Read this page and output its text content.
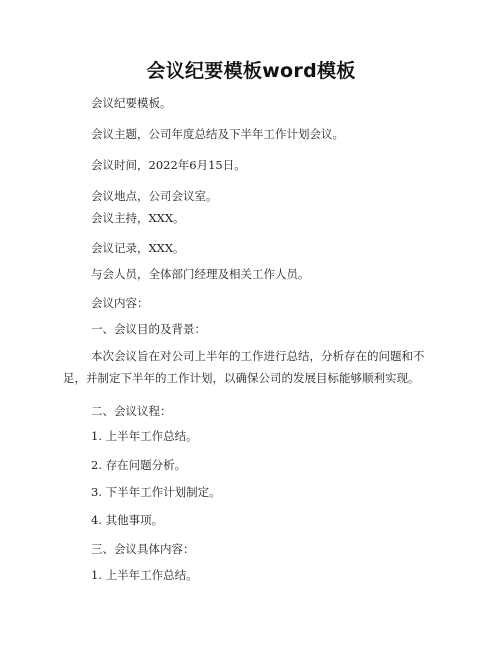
会议纪要模板word模板

会议纪要模板。

会议主题，公司年度总结及下半年工作计划会议。

会议时间，2022年6月15日。

会议地点，公司会议室。

会议主持，XXX。

会议记录，XXX。

与会人员，全体部门经理及相关工作人员。

会议内容：

一、会议目的及背景：

本次会议旨在对公司上半年的工作进行总结，分析存在的问题和不足，并制定下半年的工作计划，以确保公司的发展目标能够顺利实现。

二、会议议程：

1. 上半年工作总结。

2. 存在问题分析。

3. 下半年工作计划制定。

4. 其他事项。

三、会议具体内容：

1. 上半年工作总结。
